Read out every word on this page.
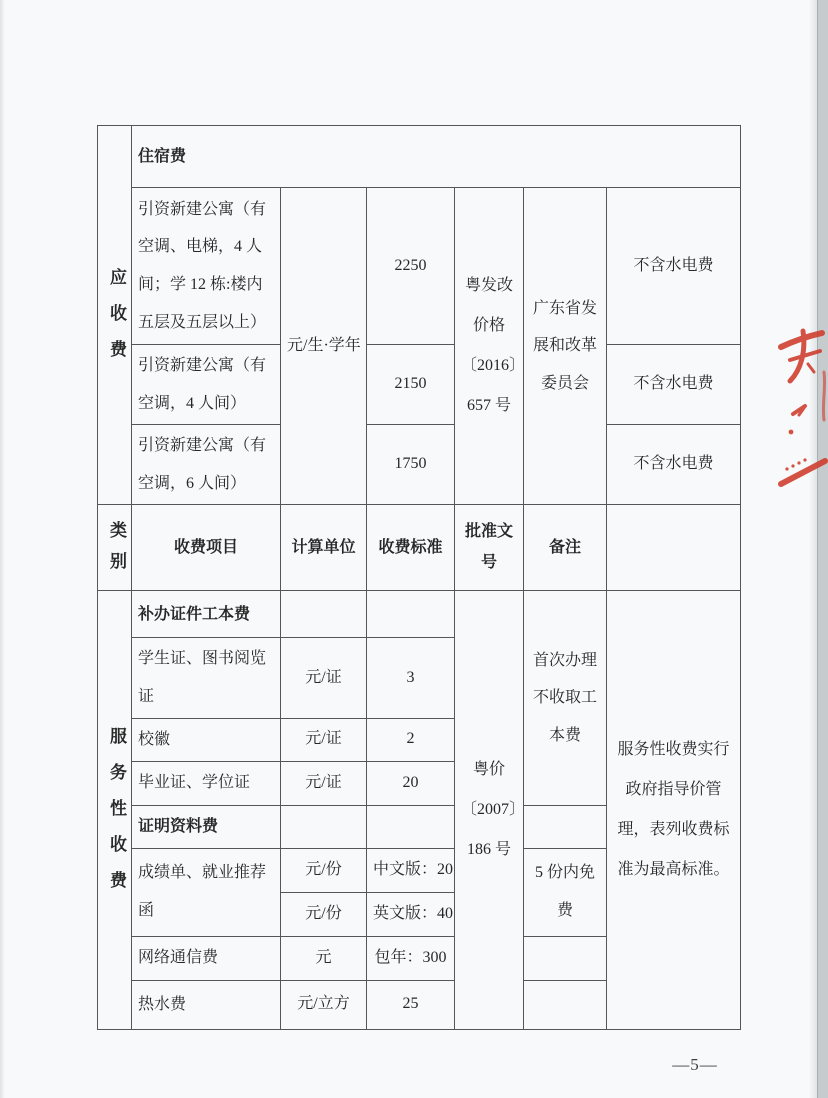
应收费	住宿费					
	引资新建公寓（有空调、电梯，4 人间；学 12 栋:楼内五层及五层以上）	元/生·学年	2250	粤发改价格〔2016〕657 号	广东省发展和改革委员会	不含水电费
	引资新建公寓（有空调，4 人间）		2150			不含水电费
	引资新建公寓（有空调，6 人间）		1750			不含水电费
类别	收费项目	计算单位	收费标准	批准文号	备注	
服务性收费	补办证件工本费			粤价〔2007〕186 号	首次办理不收取工本费	服务性收费实行政府指导价管理，表列收费标准为最高标准。
	学生证、图书阅览证	元/证	3			
	校徽	元/证	2			
	毕业证、学位证	元/证	20			
	证明资料费					
	成绩单、就业推荐函	元/份	中文版：20		5 份内免费	
		元/份	英文版：40			
	网络通信费	元	包年：300			
	热水费	元/立方	25			
—5—
